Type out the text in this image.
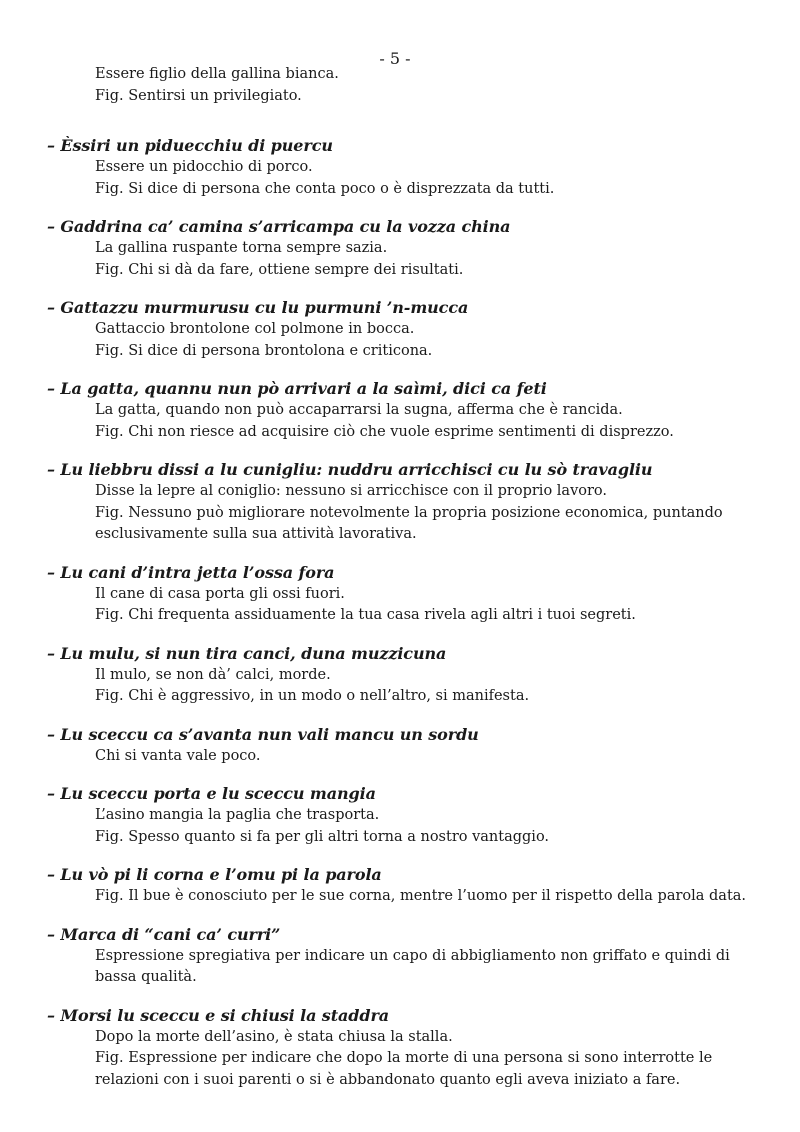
- 5 -
Essere figlio della gallina bianca.
Fig. Sentirsi un privilegiato.
– Èssiri un piduecchiu di puercu
Essere un pidocchio di porco.
Fig. Si dice di persona che conta poco o è disprezzata da tutti.
– Gaddrina ca’ camina s’arricampa cu la vozza china
La gallina ruspante torna sempre sazia.
Fig. Chi si dà da fare, ottiene sempre dei risultati.
– Gattazzu murmurusu cu lu purmuni ’n-mucca
Gattaccio brontolone col polmone in bocca.
Fig. Si dice di persona brontolona e criticona.
– La gatta, quannu nun pò arrivari a la saìmi, dici ca feti
La gatta, quando non può accaparrarsi la sugna, afferma che è rancida.
Fig. Chi non riesce ad acquisire ciò che vuole esprime sentimenti di disprezzo.
– Lu liebbru dissi a lu cunigliu: nuddru arricchisci cu lu sò travagliu
Disse la lepre al coniglio: nessuno si arricchisce con il proprio lavoro.
Fig. Nessuno può migliorare notevolmente la propria posizione economica, puntando esclusivamente sulla sua attività lavorativa.
– Lu cani d’intra jetta l’ossa fora
Il cane di casa porta gli ossi fuori.
Fig. Chi frequenta assiduamente la tua casa rivela agli altri i tuoi segreti.
– Lu mulu, si nun tira canci, duna muzzicuna
Il mulo, se non dà’ calci, morde.
Fig. Chi è aggressivo, in un modo o nell’altro, si manifesta.
– Lu sceccu ca s’avanta nun vali mancu un sordu
Chi si vanta vale poco.
– Lu sceccu porta e lu sceccu mangia
L’asino mangia la paglia che trasporta.
Fig. Spesso quanto si fa per gli altri torna a nostro vantaggio.
– Lu vò pi li corna e l’omu pi la parola
Fig. Il bue è conosciuto per le sue corna, mentre l’uomo per il rispetto della parola data.
– Marca di “cani ca’ curri”
Espressione spregiativa per indicare un capo di abbigliamento non griffato e quindi di bassa qualità.
– Morsi lu sceccu e si chiusi la staddra
Dopo la morte dell’asino, è stata chiusa la stalla.
Fig. Espressione per indicare che dopo la morte di una persona si sono interrotte le relazioni con i suoi parenti o si è abbandonato quanto egli aveva iniziato a fare.
